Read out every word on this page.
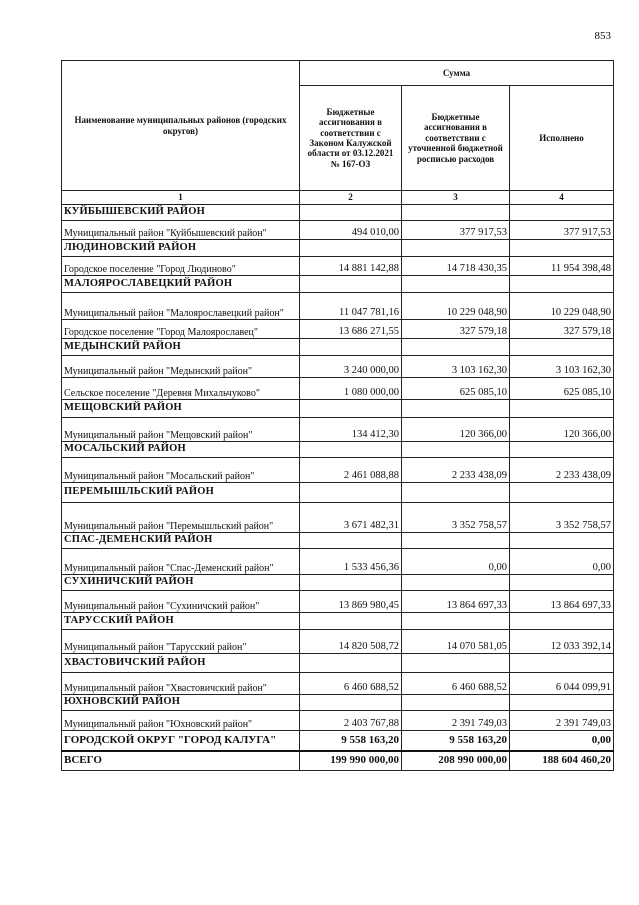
853
Наименование муниципальных районов (городских округов)	Сумма		
	Бюджетные ассигнования в соответствии с Законом Калужской области от 03.12.2021 № 167-ОЗ	Бюджетные ассигнования в соответствии с уточненной бюджетной росписью расходов	Исполнено
1	2	3	4
КУЙБЫШЕВСКИЙ РАЙОН			
Муниципальный район "Куйбышевский район"	494 010,00	377 917,53	377 917,53
ЛЮДИНОВСКИЙ РАЙОН			
Городское поселение "Город Людиново"	14 881 142,88	14 718 430,35	11 954 398,48
МАЛОЯРОСЛАВЕЦКИЙ РАЙОН			
Муниципальный район "Малоярославецкий район"	11 047 781,16	10 229 048,90	10 229 048,90
Городское поселение "Город Малоярославец"	13 686 271,55	327 579,18	327 579,18
МЕДЫНСКИЙ РАЙОН			
Муниципальный район "Медынский район"	3 240 000,00	3 103 162,30	3 103 162,30
Сельское поселение "Деревня Михальчуково"	1 080 000,00	625 085,10	625 085,10
МЕЩОВСКИЙ РАЙОН			
Муниципальный район "Мещовский район"	134 412,30	120 366,00	120 366,00
МОСАЛЬСКИЙ РАЙОН			
Муниципальный район "Мосальский район"	2 461 088,88	2 233 438,09	2 233 438,09
ПЕРЕМЫШЛЬСКИЙ РАЙОН			
Муниципальный район "Перемышльский район"	3 671 482,31	3 352 758,57	3 352 758,57
СПАС-ДЕМЕНСКИЙ РАЙОН			
Муниципальный район "Спас-Деменский район"	1 533 456,36	0,00	0,00
СУХИНИЧСКИЙ РАЙОН			
Муниципальный район "Сухиничский район"	13 869 980,45	13 864 697,33	13 864 697,33
ТАРУССКИЙ РАЙОН			
Муниципальный район "Тарусский район"	14 820 508,72	14 070 581,05	12 033 392,14
ХВАСТОВИЧСКИЙ РАЙОН			
Муниципальный район "Хвастовичский район"	6 460 688,52	6 460 688,52	6 044 099,91
ЮХНОВСКИЙ РАЙОН			
Муниципальный район "Юхновский район"	2 403 767,88	2 391 749,03	2 391 749,03
ГОРОДСКОЙ ОКРУГ "ГОРОД КАЛУГА"	9 558 163,20	9 558 163,20	0,00
ВСЕГО	199 990 000,00	208 990 000,00	188 604 460,20
